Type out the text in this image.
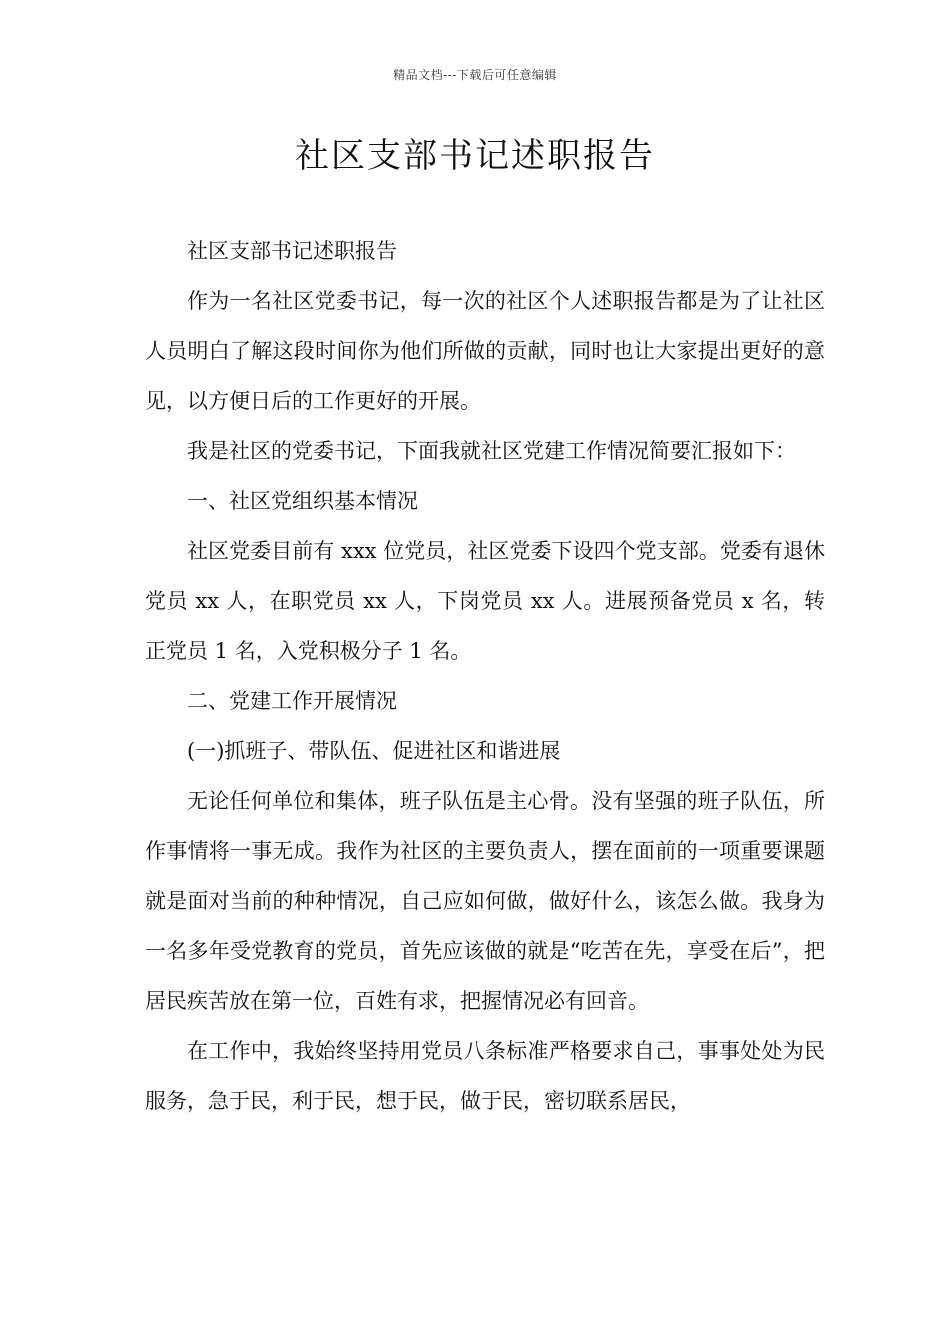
精品文档---下载后可任意编辑
社区支部书记述职报告

社区支部书记述职报告

作为一名社区党委书记，每一次的社区个人述职报告都是为了让社区人员明白了解这段时间你为他们所做的贡献，同时也让大家提出更好的意见，以方便日后的工作更好的开展。

我是社区的党委书记，下面我就社区党建工作情况简要汇报如下：

一、社区党组织基本情况

社区党委目前有 xxx 位党员，社区党委下设四个党支部。党委有退休党员 xx 人，在职党员 xx 人，下岗党员 xx 人。进展预备党员 x 名，转正党员 1 名，入党积极分子 1 名。

二、党建工作开展情况

(一)抓班子、带队伍、促进社区和谐进展

无论任何单位和集体，班子队伍是主心骨。没有坚强的班子队伍，所作事情将一事无成。我作为社区的主要负责人，摆在面前的一项重要课题就是面对当前的种种情况，自己应如何做，做好什么，该怎么做。我身为一名多年受党教育的党员，首先应该做的就是“吃苦在先，享受在后”，把居民疾苦放在第一位，百姓有求，把握情况必有回音。

在工作中，我始终坚持用党员八条标准严格要求自己，事事处处为民服务，急于民，利于民，想于民，做于民，密切联系居民，
